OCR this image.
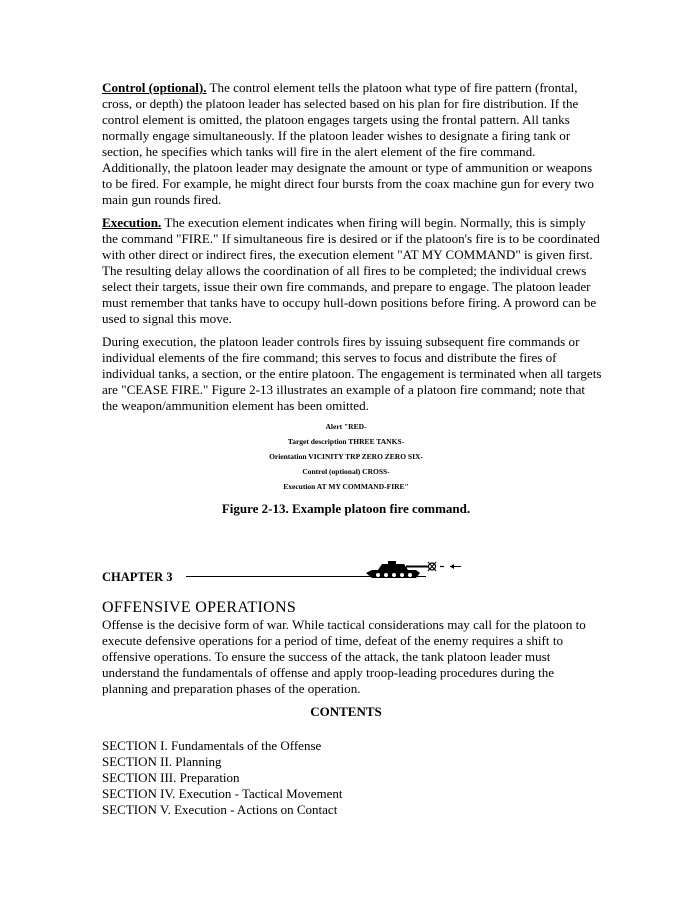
Control (optional). The control element tells the platoon what type of fire pattern (frontal, cross, or depth) the platoon leader has selected based on his plan for fire distribution. If the control element is omitted, the platoon engages targets using the frontal pattern. All tanks normally engage simultaneously. If the platoon leader wishes to designate a firing tank or section, he specifies which tanks will fire in the alert element of the fire command. Additionally, the platoon leader may designate the amount or type of ammunition or weapons to be fired. For example, he might direct four bursts from the coax machine gun for every two main gun rounds fired.

Execution. The execution element indicates when firing will begin. Normally, this is simply the command "FIRE." If simultaneous fire is desired or if the platoon's fire is to be coordinated with other direct or indirect fires, the execution element "AT MY COMMAND" is given first. The resulting delay allows the coordination of all fires to be completed; the individual crews select their targets, issue their own fire commands, and prepare to engage. The platoon leader must remember that tanks have to occupy hull-down positions before firing. A proword can be used to signal this move.

During execution, the platoon leader controls fires by issuing subsequent fire commands or individual elements of the fire command; this serves to focus and distribute the fires of individual tanks, a section, or the entire platoon. The engagement is terminated when all targets are "CEASE FIRE." Figure 2-13 illustrates an example of a platoon fire command; note that the weapon/ammunition element has been omitted.

Alert "RED-
Target description THREE TANKS-
Orientation VICINITY TRP ZERO ZERO SIX-
Control (optional) CROSS-
Execution AT MY COMMAND-FIRE"
Figure 2-13. Example platoon fire command.
CHAPTER 3
OFFENSIVE OPERATIONS

Offense is the decisive form of war. While tactical considerations may call for the platoon to execute defensive operations for a period of time, defeat of the enemy requires a shift to offensive operations. To ensure the success of the attack, the tank platoon leader must understand the fundamentals of offense and apply troop-leading procedures during the planning and preparation phases of the operation.

CONTENTS

SECTION I. Fundamentals of the Offense

SECTION II. Planning

SECTION III. Preparation

SECTION IV. Execution - Tactical Movement

SECTION V. Execution - Actions on Contact
